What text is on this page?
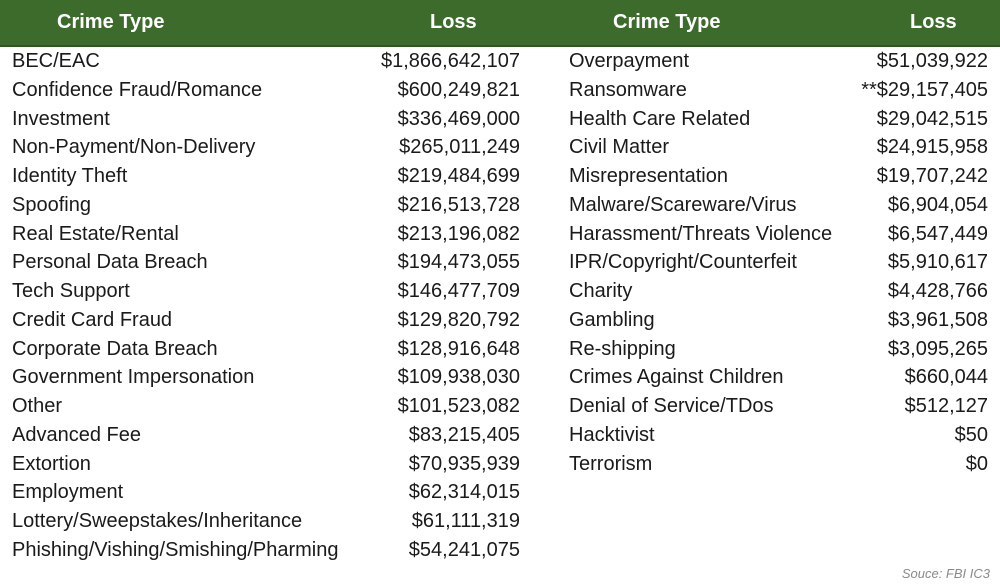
Crime Type	Loss	Crime Type	Loss
BEC/EAC	$1,866,642,107 Overpayment	$51,039,922
Confidence Fraud/Romance	$600,249,821 Ransomware	**$29,157,405
Investment	$336,469,000 Health Care Related	$29,042,515
Non-Payment/Non-Delivery	$265,011,249 Civil Matter	$24,915,958
Identity Theft	$219,484,699 Misrepresentation	$19,707,242
Spoofing	$216,513,728 Malware/Scareware/Virus	$6,904,054
Real Estate/Rental	$213,196,082 Harassment/Threats Violence	$6,547,449
Personal Data Breach	$194,473,055 IPR/Copyright/Counterfeit	$5,910,617
Tech Support	$146,477,709 Charity	$4,428,766
Credit Card Fraud	$129,820,792 Gambling	$3,961,508
Corporate Data Breach	$128,916,648 Re-shipping	$3,095,265
Government Impersonation	$109,938,030 Crimes Against Children	$660,044
Other	$101,523,082 Denial of Service/TDos	$512,127
Advanced Fee	$83,215,405 Hacktivist	$50
Extortion	$70,935,939 Terrorism	$0
Employment	$62,314,015
Lottery/Sweepstakes/Inheritance	$61,111,319
Phishing/Vishing/Smishing/Pharming	$54,241,075
Souce: FBI IC3
